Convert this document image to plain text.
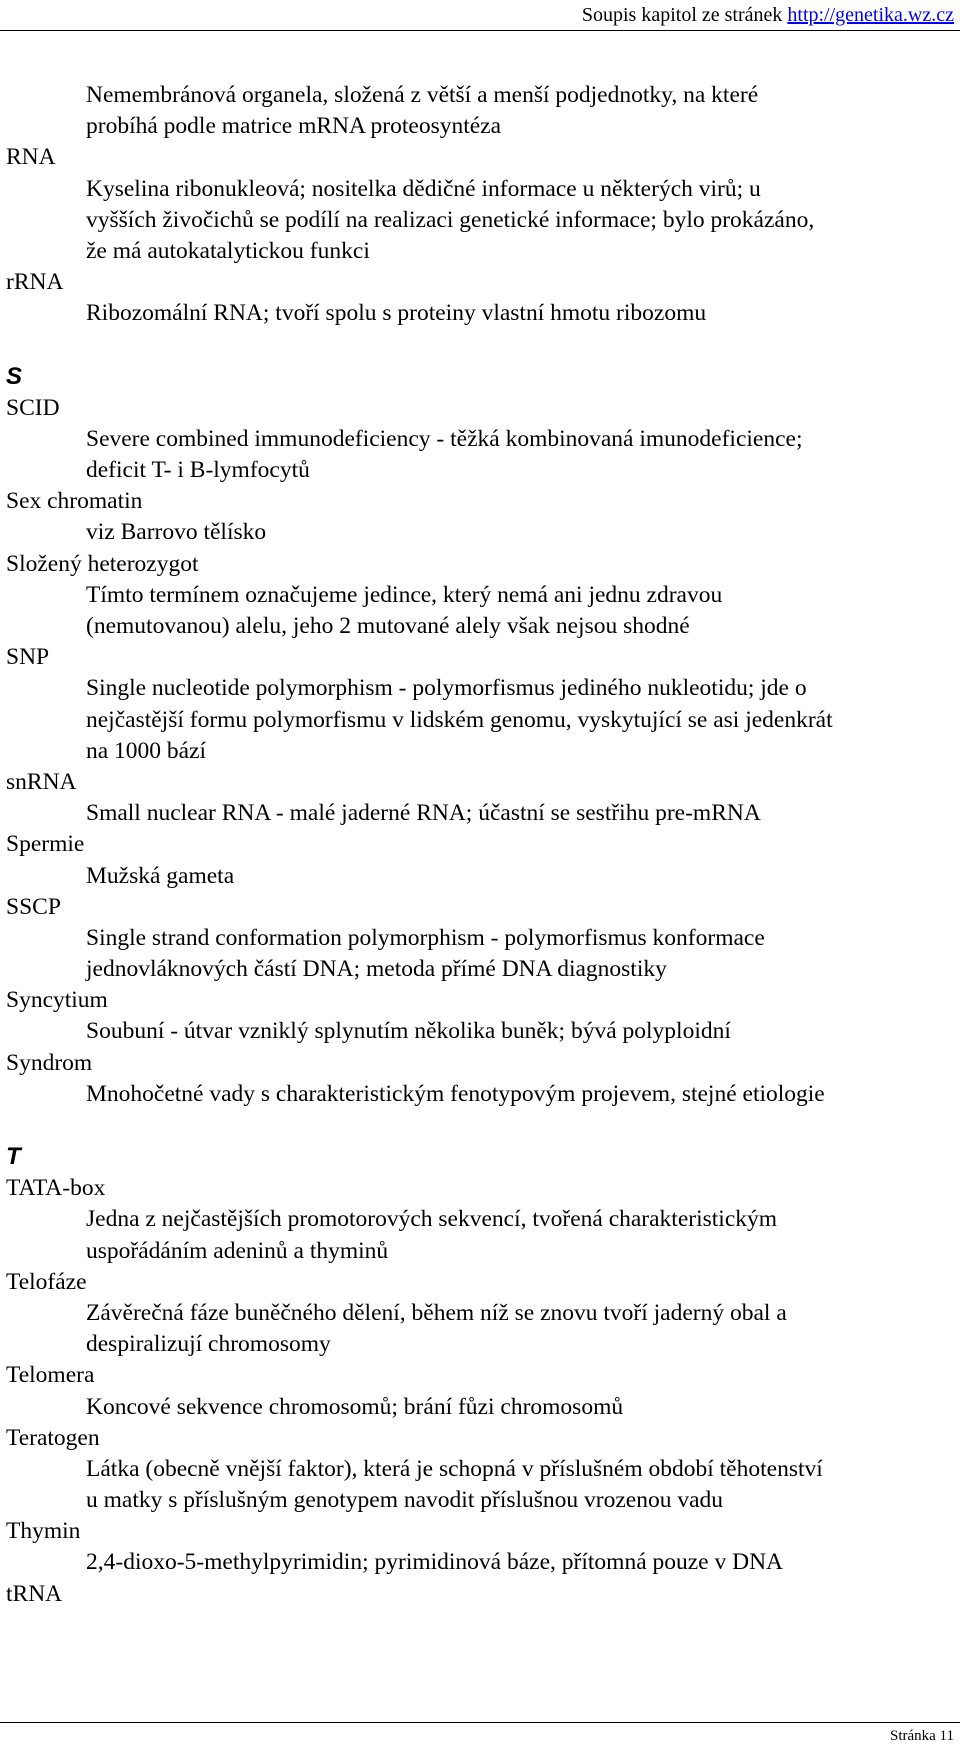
Soupis kapitol ze stránek http://genetika.wz.cz
Nemembránová organela, složená z větší a menší podjednotky, na které
probíhá podle matrice mRNA proteosyntéza
RNA
Kyselina ribonukleová; nositelka dědičné informace u některých virů; u
vyšších živočichů se podílí na realizaci genetické informace; bylo prokázáno,
že má autokatalytickou funkci
rRNA
Ribozomální RNA; tvoří spolu s proteiny vlastní hmotu ribozomu
S
SCID
Severe combined immunodeficiency - těžká kombinovaná imunodeficience;
deficit T- i B-lymfocytů
Sex chromatin
viz Barrovo tělísko
Složený heterozygot
Tímto termínem označujeme jedince, který nemá ani jednu zdravou
(nemutovanou) alelu, jeho 2 mutované alely však nejsou shodné
SNP
Single nucleotide polymorphism - polymorfismus jediného nukleotidu; jde o
nejčastější formu polymorfismu v lidském genomu, vyskytující se asi jedenkrát
na 1000 bází
snRNA
Small nuclear RNA - malé jaderné RNA; účastní se sestřihu pre-mRNA
Spermie
Mužská gameta
SSCP
Single strand conformation polymorphism - polymorfismus konformace
jednovláknových částí DNA; metoda přímé DNA diagnostiky
Syncytium
Soubuní - útvar vzniklý splynutím několika buněk; bývá polyploidní
Syndrom
Mnohočetné vady s charakteristickým fenotypovým projevem, stejné etiologie
T
TATA-box
Jedna z nejčastějších promotorových sekvencí, tvořená charakteristickým
uspořádáním adeninů a thyminů
Telofáze
Závěrečná fáze buněčného dělení, během níž se znovu tvoří jaderný obal a
despiralizují chromosomy
Telomera
Koncové sekvence chromosomů; brání fůzi chromosomů
Teratogen
Látka (obecně vnější faktor), která je schopná v příslušném období těhotenství
u matky s příslušným genotypem navodit příslušnou vrozenou vadu
Thymin
2,4-dioxo-5-methylpyrimidin; pyrimidinová báze, přítomná pouze v DNA
tRNA
Stránka 11
